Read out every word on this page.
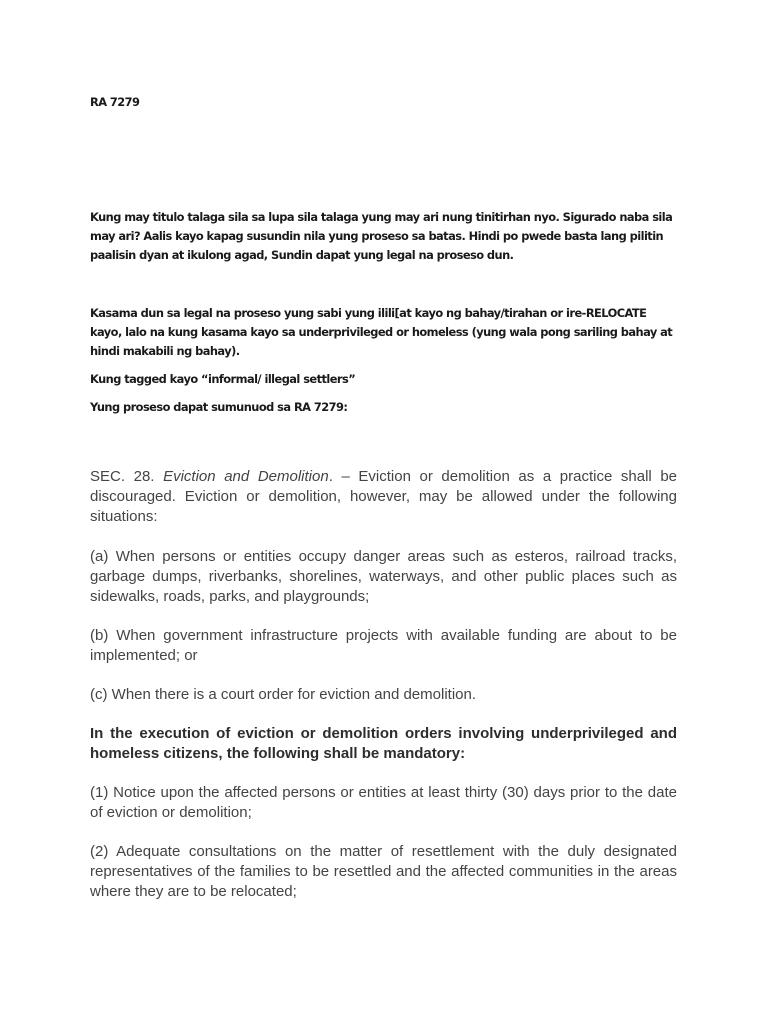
RA 7279

Kung may titulo talaga sila sa lupa sila talaga yung may ari nung tinitirhan nyo. Sigurado naba sila may ari? Aalis kayo kapag susundin nila yung proseso sa batas. Hindi po pwede basta lang pilitin paalisin dyan at ikulong agad, Sundin dapat yung legal na proseso dun.

Kasama dun sa legal na proseso yung sabi yung ilili[at kayo ng bahay/tirahan or ire-RELOCATE kayo, lalo na kung kasama kayo sa underprivileged or homeless (yung wala pong sariling bahay at hindi makabili ng bahay).

Kung tagged kayo “informal/ illegal settlers”

Yung proseso dapat sumunuod sa RA 7279:

SEC. 28. Eviction and Demolition. – Eviction or demolition as a practice shall be discouraged. Eviction or demolition, however, may be allowed under the following situations:

(a) When persons or entities occupy danger areas such as esteros, railroad tracks, garbage dumps, riverbanks, shorelines, waterways, and other public places such as sidewalks, roads, parks, and playgrounds;

(b) When government infrastructure projects with available funding are about to be implemented; or

(c) When there is a court order for eviction and demolition.

In the execution of eviction or demolition orders involving underprivileged and homeless citizens, the following shall be mandatory:

(1) Notice upon the affected persons or entities at least thirty (30) days prior to the date of eviction or demolition;

(2) Adequate consultations on the matter of resettlement with the duly designated representatives of the families to be resettled and the affected communities in the areas where they are to be relocated;
